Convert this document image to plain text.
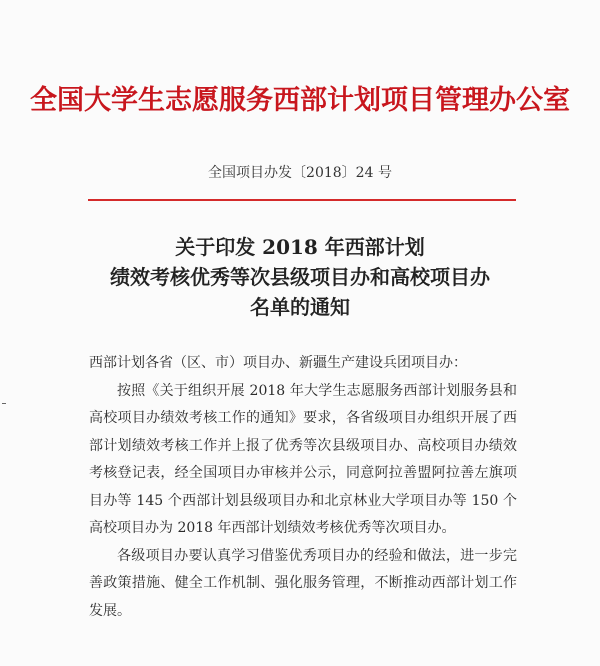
全国大学生志愿服务西部计划项目管理办公室
全国项目办发〔2018〕24 号
关于印发 2018 年西部计划
绩效考核优秀等次县级项目办和高校项目办
名单的通知

西部计划各省（区、市）项目办、新疆生产建设兵团项目办：

按照《关于组织开展 2018 年大学生志愿服务西部计划服务县和高校项目办绩效考核工作的通知》要求，各省级项目办组织开展了西部计划绩效考核工作并上报了优秀等次县级项目办、高校项目办绩效考核登记表，经全国项目办审核并公示，同意阿拉善盟阿拉善左旗项目办等 145 个西部计划县级项目办和北京林业大学项目办等 150 个高校项目办为 2018 年西部计划绩效考核优秀等次项目办。

各级项目办要认真学习借鉴优秀项目办的经验和做法，进一步完善政策措施、健全工作机制、强化服务管理，不断推动西部计划工作发展。
